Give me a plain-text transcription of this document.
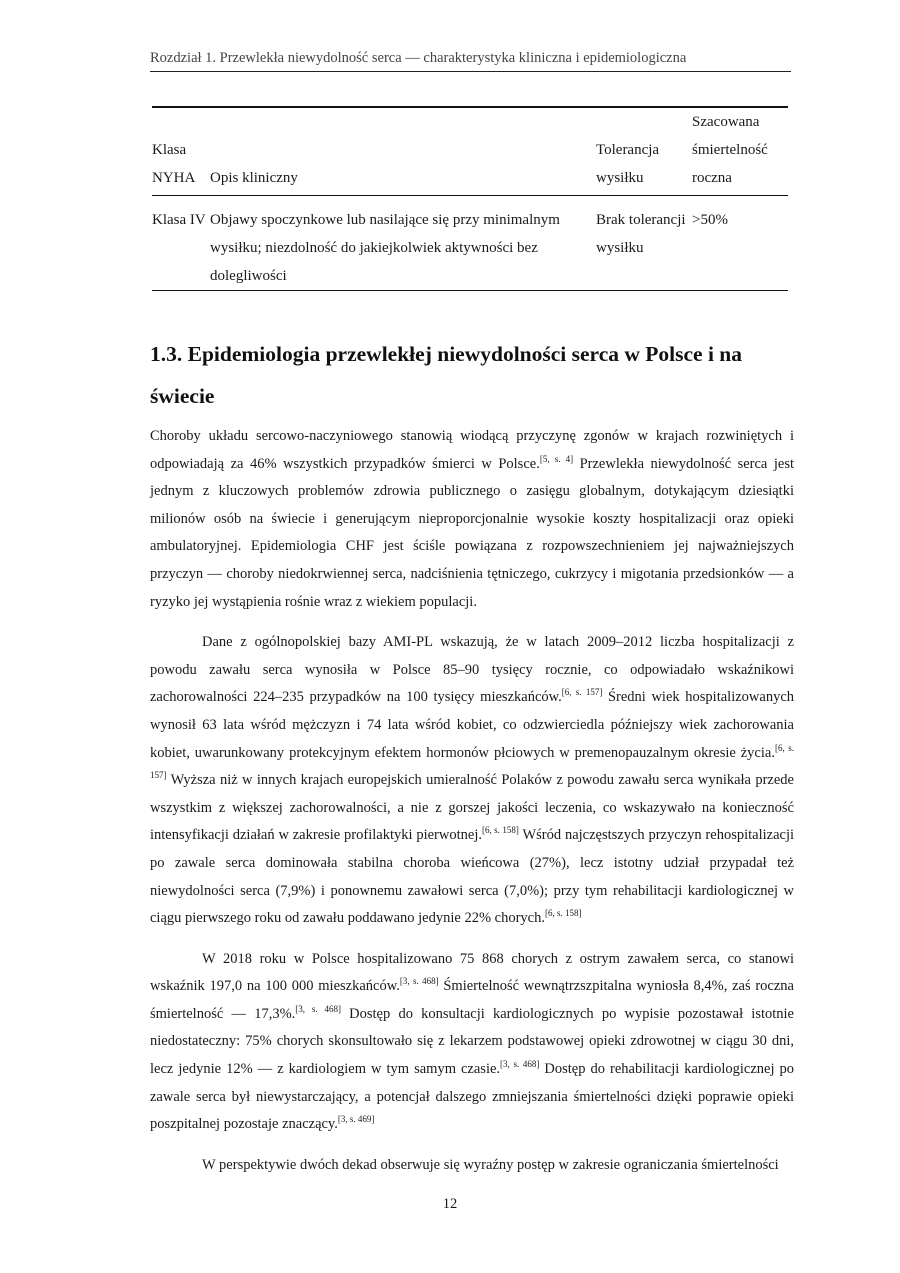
Rozdział 1. Przewlekła niewydolność serca — charakterystyka kliniczna i epidemiologiczna
Klasa NYHA	Opis kliniczny	Tolerancja wysiłku	Szacowana śmiertelność roczna
Klasa IV	Objawy spoczynkowe lub nasilające się przy minimalnym wysiłku; niezdolność do jakiejkolwiek aktywności bez dolegliwości	Brak tolerancji wysiłku	>50%
1.3. Epidemiologia przewlekłej niewydolności serca w Polsce i na świecie

Choroby układu sercowo-naczyniowego stanowią wiodącą przyczynę zgonów w krajach rozwiniętych i odpowiadają za 46% wszystkich przypadków śmierci w Polsce.[5, s. 4] Przewlekła niewydolność serca jest jednym z kluczowych problemów zdrowia publicznego o zasięgu globalnym, dotykającym dziesiątki milionów osób na świecie i generującym nieproporcjonalnie wysokie koszty hospitalizacji oraz opieki ambulatoryjnej. Epidemiologia CHF jest ściśle powiązana z rozpowszechnieniem jej najważniejszych przyczyn — choroby niedokrwiennej serca, nadciśnienia tętniczego, cukrzycy i migotania przedsionków — a ryzyko jej wystąpienia rośnie wraz z wiekiem populacji.

Dane z ogólnopolskiej bazy AMI-PL wskazują, że w latach 2009–2012 liczba hospitalizacji z powodu zawału serca wynosiła w Polsce 85–90 tysięcy rocznie, co odpowiadało wskaźnikowi zachorowalności 224–235 przypadków na 100 tysięcy mieszkańców.[6, s. 157] Średni wiek hospitalizowanych wynosił 63 lata wśród mężczyzn i 74 lata wśród kobiet, co odzwierciedla późniejszy wiek zachorowania kobiet, uwarunkowany protekcyjnym efektem hormonów płciowych w premenopauzalnym okresie życia.[6, s. 157] Wyższa niż w innych krajach europejskich umieralność Polaków z powodu zawału serca wynikała przede wszystkim z większej zachorowalności, a nie z gorszej jakości leczenia, co wskazywało na konieczność intensyfikacji działań w zakresie profilaktyki pierwotnej.[6, s. 158] Wśród najczęstszych przyczyn rehospitalizacji po zawale serca dominowała stabilna choroba wieńcowa (27%), lecz istotny udział przypadał też niewydolności serca (7,9%) i ponownemu zawałowi serca (7,0%); przy tym rehabilitacji kardiologicznej w ciągu pierwszego roku od zawału poddawano jedynie 22% chorych.[6, s. 158]

W 2018 roku w Polsce hospitalizowano 75 868 chorych z ostrym zawałem serca, co stanowi wskaźnik 197,0 na 100 000 mieszkańców.[3, s. 468] Śmiertelność wewnątrzszpitalna wyniosła 8,4%, zaś roczna śmiertelność — 17,3%.[3, s. 468] Dostęp do konsultacji kardiologicznych po wypisie pozostawał istotnie niedostateczny: 75% chorych skonsultowało się z lekarzem podstawowej opieki zdrowotnej w ciągu 30 dni, lecz jedynie 12% — z kardiologiem w tym samym czasie.[3, s. 468] Dostęp do rehabilitacji kardiologicznej po zawale serca był niewystarczający, a potencjał dalszego zmniejszania śmiertelności dzięki poprawie opieki poszpitalnej pozostaje znaczący.[3, s. 469]

W perspektywie dwóch dekad obserwuje się wyraźny postęp w zakresie ograniczania śmiertelności

12
